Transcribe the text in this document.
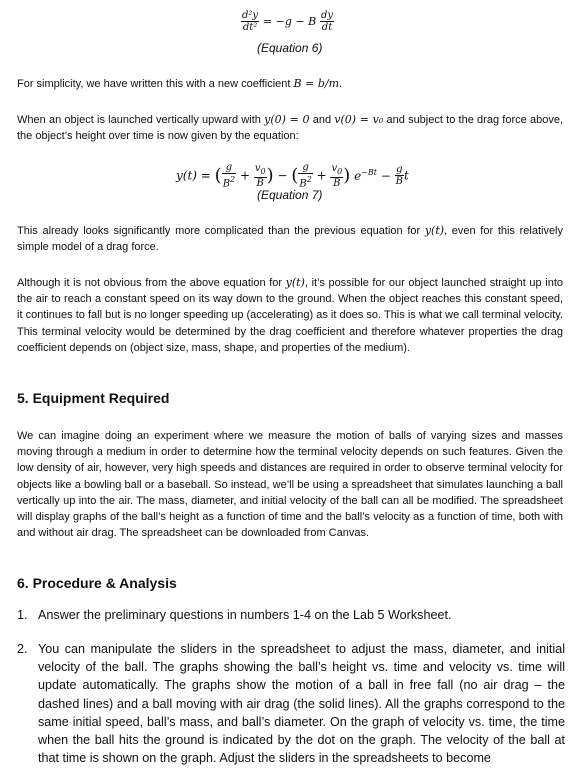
$\frac{\text{d²y}}{\text{dt²}} = -g - B \frac{dy}{dt}$
(Equation 6)
For simplicity, we have written this with a new coefficient B = b/m.
When an object is launched vertically upward with y(0) = 0 and v(0) = v₀ and subject to the drag force above, the object’s height over time is now given by the equation:
y(t) = ( $\frac{g}{B^2} + \frac{v_0}{B}$ ) − ( $\frac{g}{B^2} + \frac{v_0}{B}$ ) $e^{-Bt} - \frac{g}{B}$ t
(Equation 7)
This already looks significantly more complicated than the previous equation for y(t), even for this relatively simple model of a drag force.
Although it is not obvious from the above equation for y(t), it’s possible for our object launched straight up into the air to reach a constant speed on its way down to the ground. When the object reaches this constant speed, it continues to fall but is no longer speeding up (accelerating) as it does so. This is what we call terminal velocity. This terminal velocity would be determined by the drag coefficient and therefore whatever properties the drag coefficient depends on (object size, mass, shape, and properties of the medium).
5. Equipment Required
We can imagine doing an experiment where we measure the motion of balls of varying sizes and masses moving through a medium in order to determine how the terminal velocity depends on such features. Given the low density of air, however, very high speeds and distances are required in order to observe terminal velocity for objects like a bowling ball or a baseball. So instead, we’ll be using a spreadsheet that simulates launching a ball vertically up into the air. The mass, diameter, and initial velocity of the ball can all be modified. The spreadsheet will display graphs of the ball’s height as a function of time and the ball’s velocity as a function of time, both with and without air drag. The spreadsheet can be downloaded from Canvas.
6. Procedure & Analysis
1. Answer the preliminary questions in numbers 1-4 on the Lab 5 Worksheet.
2. You can manipulate the sliders in the spreadsheet to adjust the mass, diameter, and initial velocity of the ball. The graphs showing the ball’s height vs. time and velocity vs. time will update automatically. The graphs show the motion of a ball in free fall (no air drag – the dashed lines) and a ball moving with air drag (the solid lines). All the graphs correspond to the same initial speed, ball’s mass, and ball’s diameter. On the graph of velocity vs. time, the time when the ball hits the ground is indicated by the dot on the graph. The velocity of the ball at that time is shown on the graph. Adjust the sliders in the spreadsheets to become
